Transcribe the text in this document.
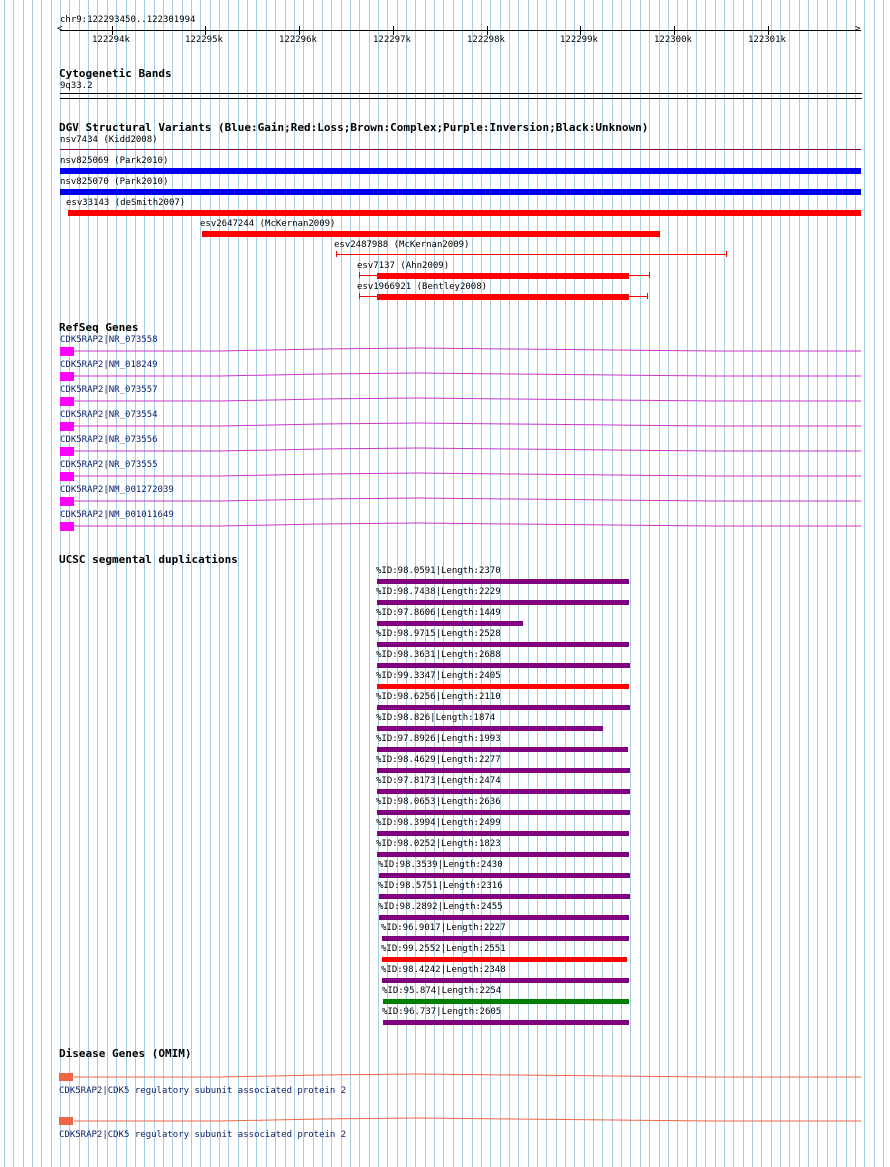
chr9:122293450..122301994
<	>
122294k	122295k	122296k	122297k	122298k	122299k	122300k	122301k
Cytogenetic Bands
9q33.2
DGV Structural Variants (Blue:Gain;Red:Loss;Brown:Complex;Purple:Inversion;Black:Unknown)
nsv7434 (Kidd2008)
nsv825069 (Park2010)
nsv825070 (Park2010)
esv33143 (deSmith2007)
esv2647244 (McKernan2009)
esv2487988 (McKernan2009)
esv7137 (Ahn2009)
esv1966921 (Bentley2008)
RefSeq Genes
CDK5RAP2|NR_073558
CDK5RAP2|NM_018249
CDK5RAP2|NR_073557
CDK5RAP2|NR_073554
CDK5RAP2|NR_073556
CDK5RAP2|NR_073555
CDK5RAP2|NM_001272039
CDK5RAP2|NM_001011649
UCSC segmental duplications
%ID:98.0591|Length:2370
%ID:98.7438|Length:2229
%ID:97.8606|Length:1449
%ID:98.9715|Length:2528
%ID:98.3631|Length:2688
%ID:99.3347|Length:2405
%ID:98.6256|Length:2110
%ID:98.826|Length:1874
%ID:97.8926|Length:1993
%ID:98.4629|Length:2277
%ID:97.8173|Length:2474
%ID:98.0653|Length:2636
%ID:98.3994|Length:2499
%ID:98.0252|Length:1823
%ID:98.3539|Length:2430
%ID:98.5751|Length:2316
%ID:98.2892|Length:2455
%ID:96.9017|Length:2227
%ID:99.2552|Length:2551
%ID:98.4242|Length:2348
%ID:95.874|Length:2254
%ID:96.737|Length:2605
Disease Genes (OMIM)
CDK5RAP2|CDK5 regulatory subunit associated protein 2
CDK5RAP2|CDK5 regulatory subunit associated protein 2
